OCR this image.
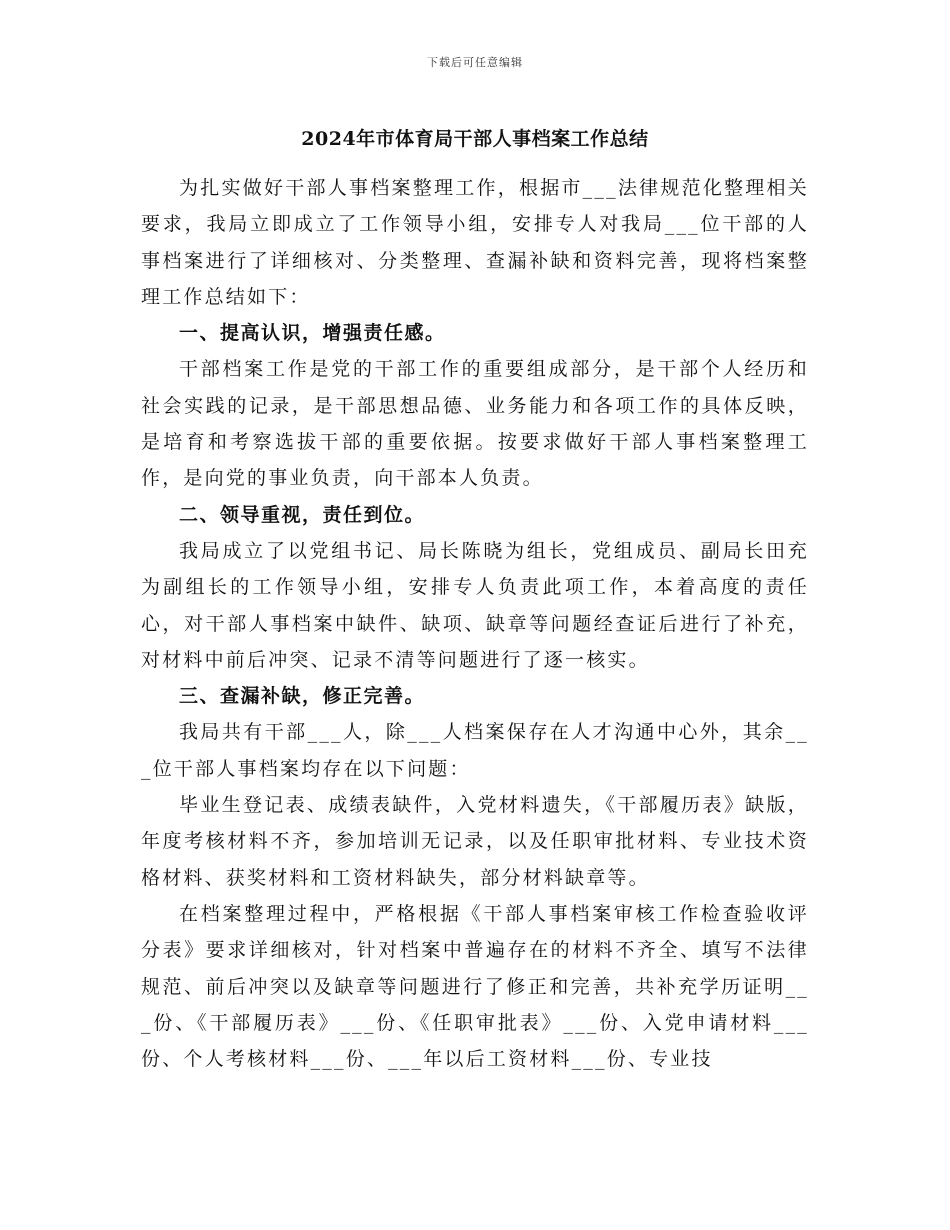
下载后可任意编辑
2024年市体育局干部人事档案工作总结

为扎实做好干部人事档案整理工作，根据市___法律规范化整理相关要求，我局立即成立了工作领导小组，安排专人对我局___位干部的人事档案进行了详细核对、分类整理、查漏补缺和资料完善，现将档案整理工作总结如下：

一、提高认识，增强责任感。

干部档案工作是党的干部工作的重要组成部分，是干部个人经历和社会实践的记录，是干部思想品德、业务能力和各项工作的具体反映，是培育和考察选拔干部的重要依据。按要求做好干部人事档案整理工作，是向党的事业负责，向干部本人负责。

二、领导重视，责任到位。

我局成立了以党组书记、局长陈晓为组长，党组成员、副局长田充为副组长的工作领导小组，安排专人负责此项工作，本着高度的责任心，对干部人事档案中缺件、缺项、缺章等问题经查证后进行了补充，对材料中前后冲突、记录不清等问题进行了逐一核实。

三、查漏补缺，修正完善。

我局共有干部___人，除___人档案保存在人才沟通中心外，其余___位干部人事档案均存在以下问题：

毕业生登记表、成绩表缺件，入党材料遗失，《干部履历表》缺版，年度考核材料不齐，参加培训无记录，以及任职审批材料、专业技术资格材料、获奖材料和工资材料缺失，部分材料缺章等。

在档案整理过程中，严格根据《干部人事档案审核工作检查验收评分表》要求详细核对，针对档案中普遍存在的材料不齐全、填写不法律规范、前后冲突以及缺章等问题进行了修正和完善，共补充学历证明___份、《干部履历表》___份、《任职审批表》___份、入党申请材料___份、个人考核材料___份、___年以后工资材料___份、专业技
